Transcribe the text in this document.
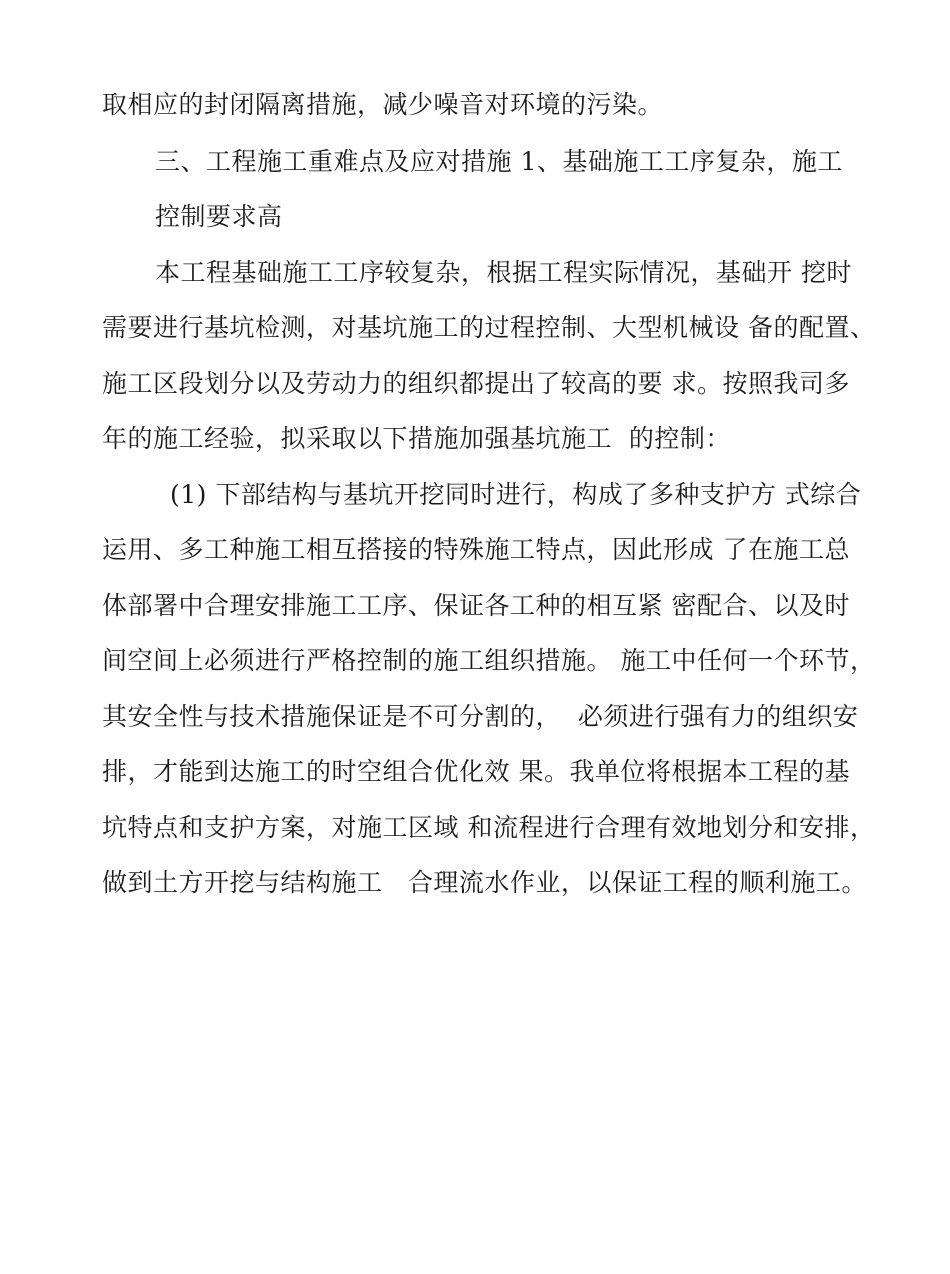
取相应的封闭隔离措施，减少噪音对环境的污染。
三、工程施工重难点及应对措施 1、基础施工工序复杂，施工
控制要求高
本工程基础施工工序较复杂，根据工程实际情况，基础开 挖时
需要进行基坑检测，对基坑施工的过程控制、大型机械设 备的配置、
施工区段划分以及劳动力的组织都提出了较高的要 求。按照我司多
年的施工经验，拟采取以下措施加强基坑施工  的控制：
(1) 下部结构与基坑开挖同时进行，构成了多种支护方 式综合
运用、多工种施工相互搭接的特殊施工特点，因此形成 了在施工总
体部署中合理安排施工工序、保证各工种的相互紧 密配合、以及时
间空间上必须进行严格控制的施工组织措施。 施工中任何一个环节，
其安全性与技术措施保证是不可分割的，  必须进行强有力的组织安
排，才能到达施工的时空组合优化效 果。我单位将根据本工程的基
坑特点和支护方案，对施工区域 和流程进行合理有效地划分和安排，
做到土方开挖与结构施工   合理流水作业，以保证工程的顺利施工。
